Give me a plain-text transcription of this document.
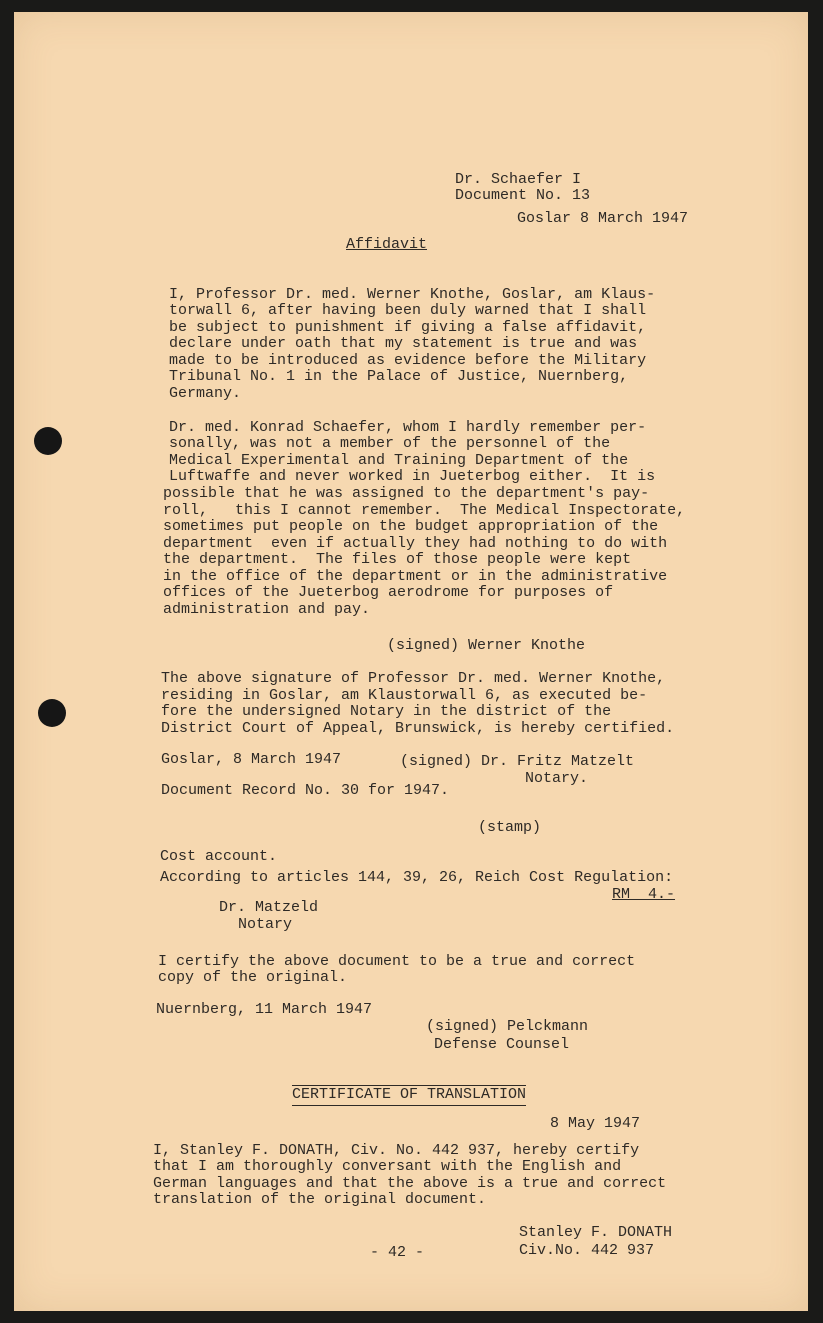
Dr. Schaefer I
Document No. 13
Goslar 8 March 1947
Affidavit
I, Professor Dr. med. Werner Knothe, Goslar, am Klaus-
torwall 6, after having been duly warned that I shall
be subject to punishment if giving a false affidavit,
declare under oath that my statement is true and was
made to be introduced as evidence before the Military
Tribunal No. 1 in the Palace of Justice, Nuernberg,
Germany.
Dr. med. Konrad Schaefer, whom I hardly remember per-
sonally, was not a member of the personnel of the
Medical Experimental and Training Department of the
Luftwaffe and never worked in Jueterbog either.  It is
possible that he was assigned to the department's pay-
roll,   this I cannot remember.  The Medical Inspectorate,
sometimes put people on the budget appropriation of the
department  even if actually they had nothing to do with
the department.  The files of those people were kept
in the office of the department or in the administrative
offices of the Jueterbog aerodrome for purposes of
administration and pay.
(signed) Werner Knothe
The above signature of Professor Dr. med. Werner Knothe,
residing in Goslar, am Klaustorwall 6, as executed be-
fore the undersigned Notary in the district of the
District Court of Appeal, Brunswick, is hereby certified.
Goslar, 8 March 1947	(signed) Dr. Fritz Matzelt
Notary.
Document Record No. 30 for 1947.
(stamp)
Cost account.
According to articles 144, 39, 26, Reich Cost Regulation:
RM  4.-
Dr. Matzeld
Notary
I certify the above document to be a true and correct
copy of the original.
Nuernberg, 11 March 1947
(signed) Pelckmann
Defense Counsel
CERTIFICATE OF TRANSLATION
8 May 1947
I, Stanley F. DONATH, Civ. No. 442 937, hereby certify
that I am thoroughly conversant with the English and
German languages and that the above is a true and correct
translation of the original document.
Stanley F. DONATH
Civ.No. 442 937
- 42 -
